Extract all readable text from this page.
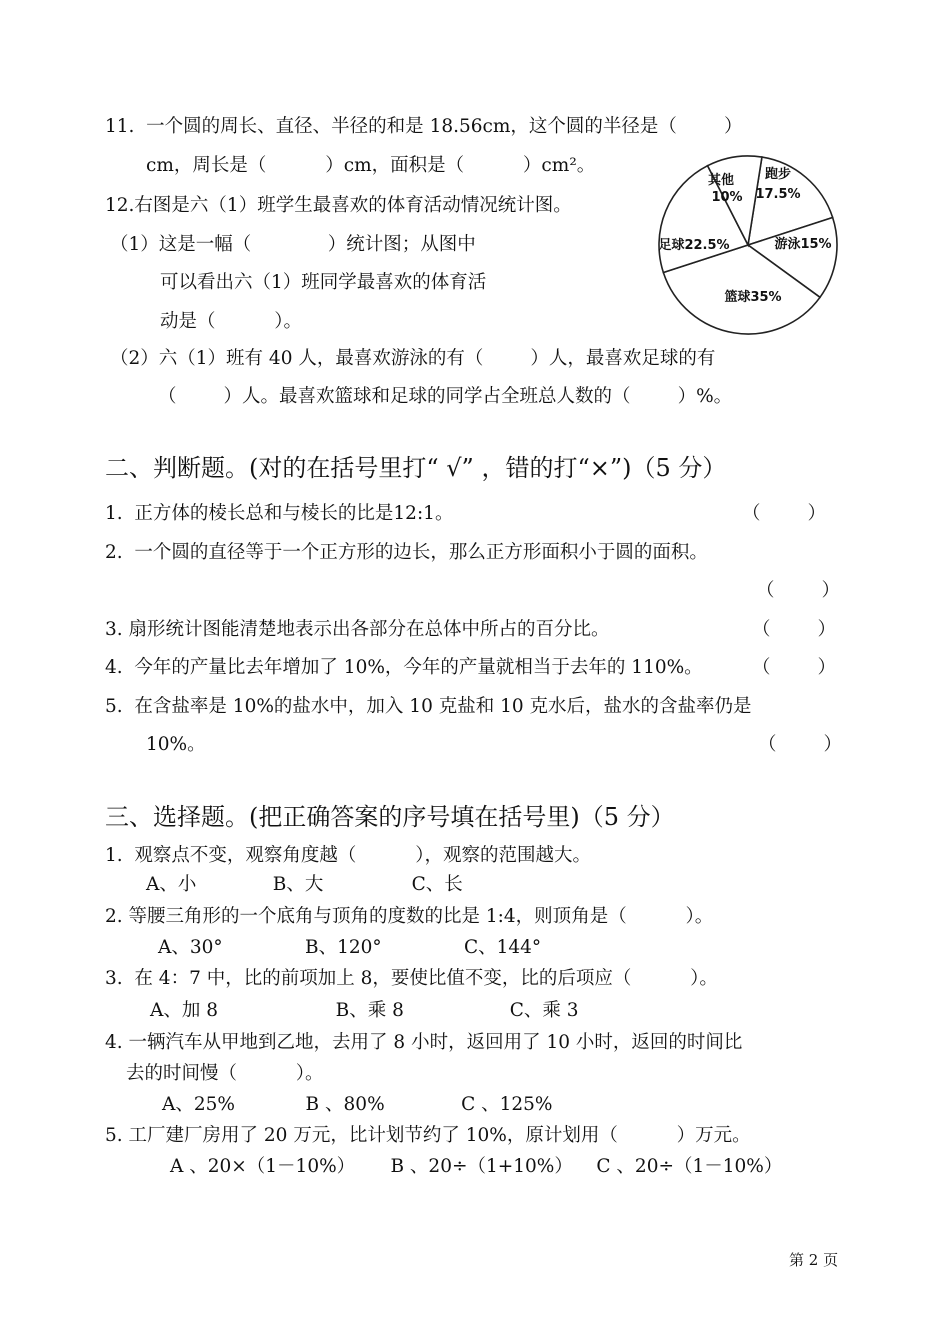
11.  一个圆的周长、直径、半径的和是 18.56cm，这个圆的半径是（        ）
cm，周长是（          ）cm，面积是（          ）cm²。
12.右图是六（1）班学生最喜欢的体育活动情况统计图。
（1）这是一幅（             ）统计图；从图中
可以看出六（1）班同学最喜欢的体育活
动是（          ）。
（2）六（1）班有 40 人，最喜欢游泳的有（        ）人，最喜欢足球的有
（        ）人。最喜欢篮球和足球的同学占全班总人数的（        ）%。
其他
10%
跑步
17.5%
游泳15%
篮球35%
足球22.5%
二、判断题。(对的在括号里打“ √” ，错的打“×”)（5 分）
1.  正方体的棱长总和与棱长的比是12:1。	（        ）
2.  一个圆的直径等于一个正方形的边长，那么正方形面积小于圆的面积。
（        ）
3. 扇形统计图能清楚地表示出各部分在总体中所占的百分比。	（        ）
4.  今年的产量比去年增加了 10%，今年的产量就相当于去年的 110%。	（        ）
5.  在含盐率是 10%的盐水中，加入 10 克盐和 10 克水后，盐水的含盐率仍是
10%。	（        ）
三、选择题。(把正确答案的序号填在括号里)（5 分）
1.  观察点不变，观察角度越（          ），观察的范围越大。
A、小             B、大               C、长
2. 等腰三角形的一个底角与顶角的度数的比是 1:4，则顶角是（          ）。
A、30°              B、120°              C、144°
3.  在 4：7 中，比的前项加上 8，要使比值不变，比的后项应（          ）。
A、加 8                    B、乘 8                  C、乘 3
4. 一辆汽车从甲地到乙地，去用了 8 小时，返回用了 10 小时，返回的时间比
去的时间慢（          ）。
A、25%            B 、80%             C 、125%
5. 工厂建厂房用了 20 万元，比计划节约了 10%，原计划用（          ）万元。
A 、20×（1－10%）      B 、20÷（1+10%）    C 、20÷（1－10%）
第 2 页
